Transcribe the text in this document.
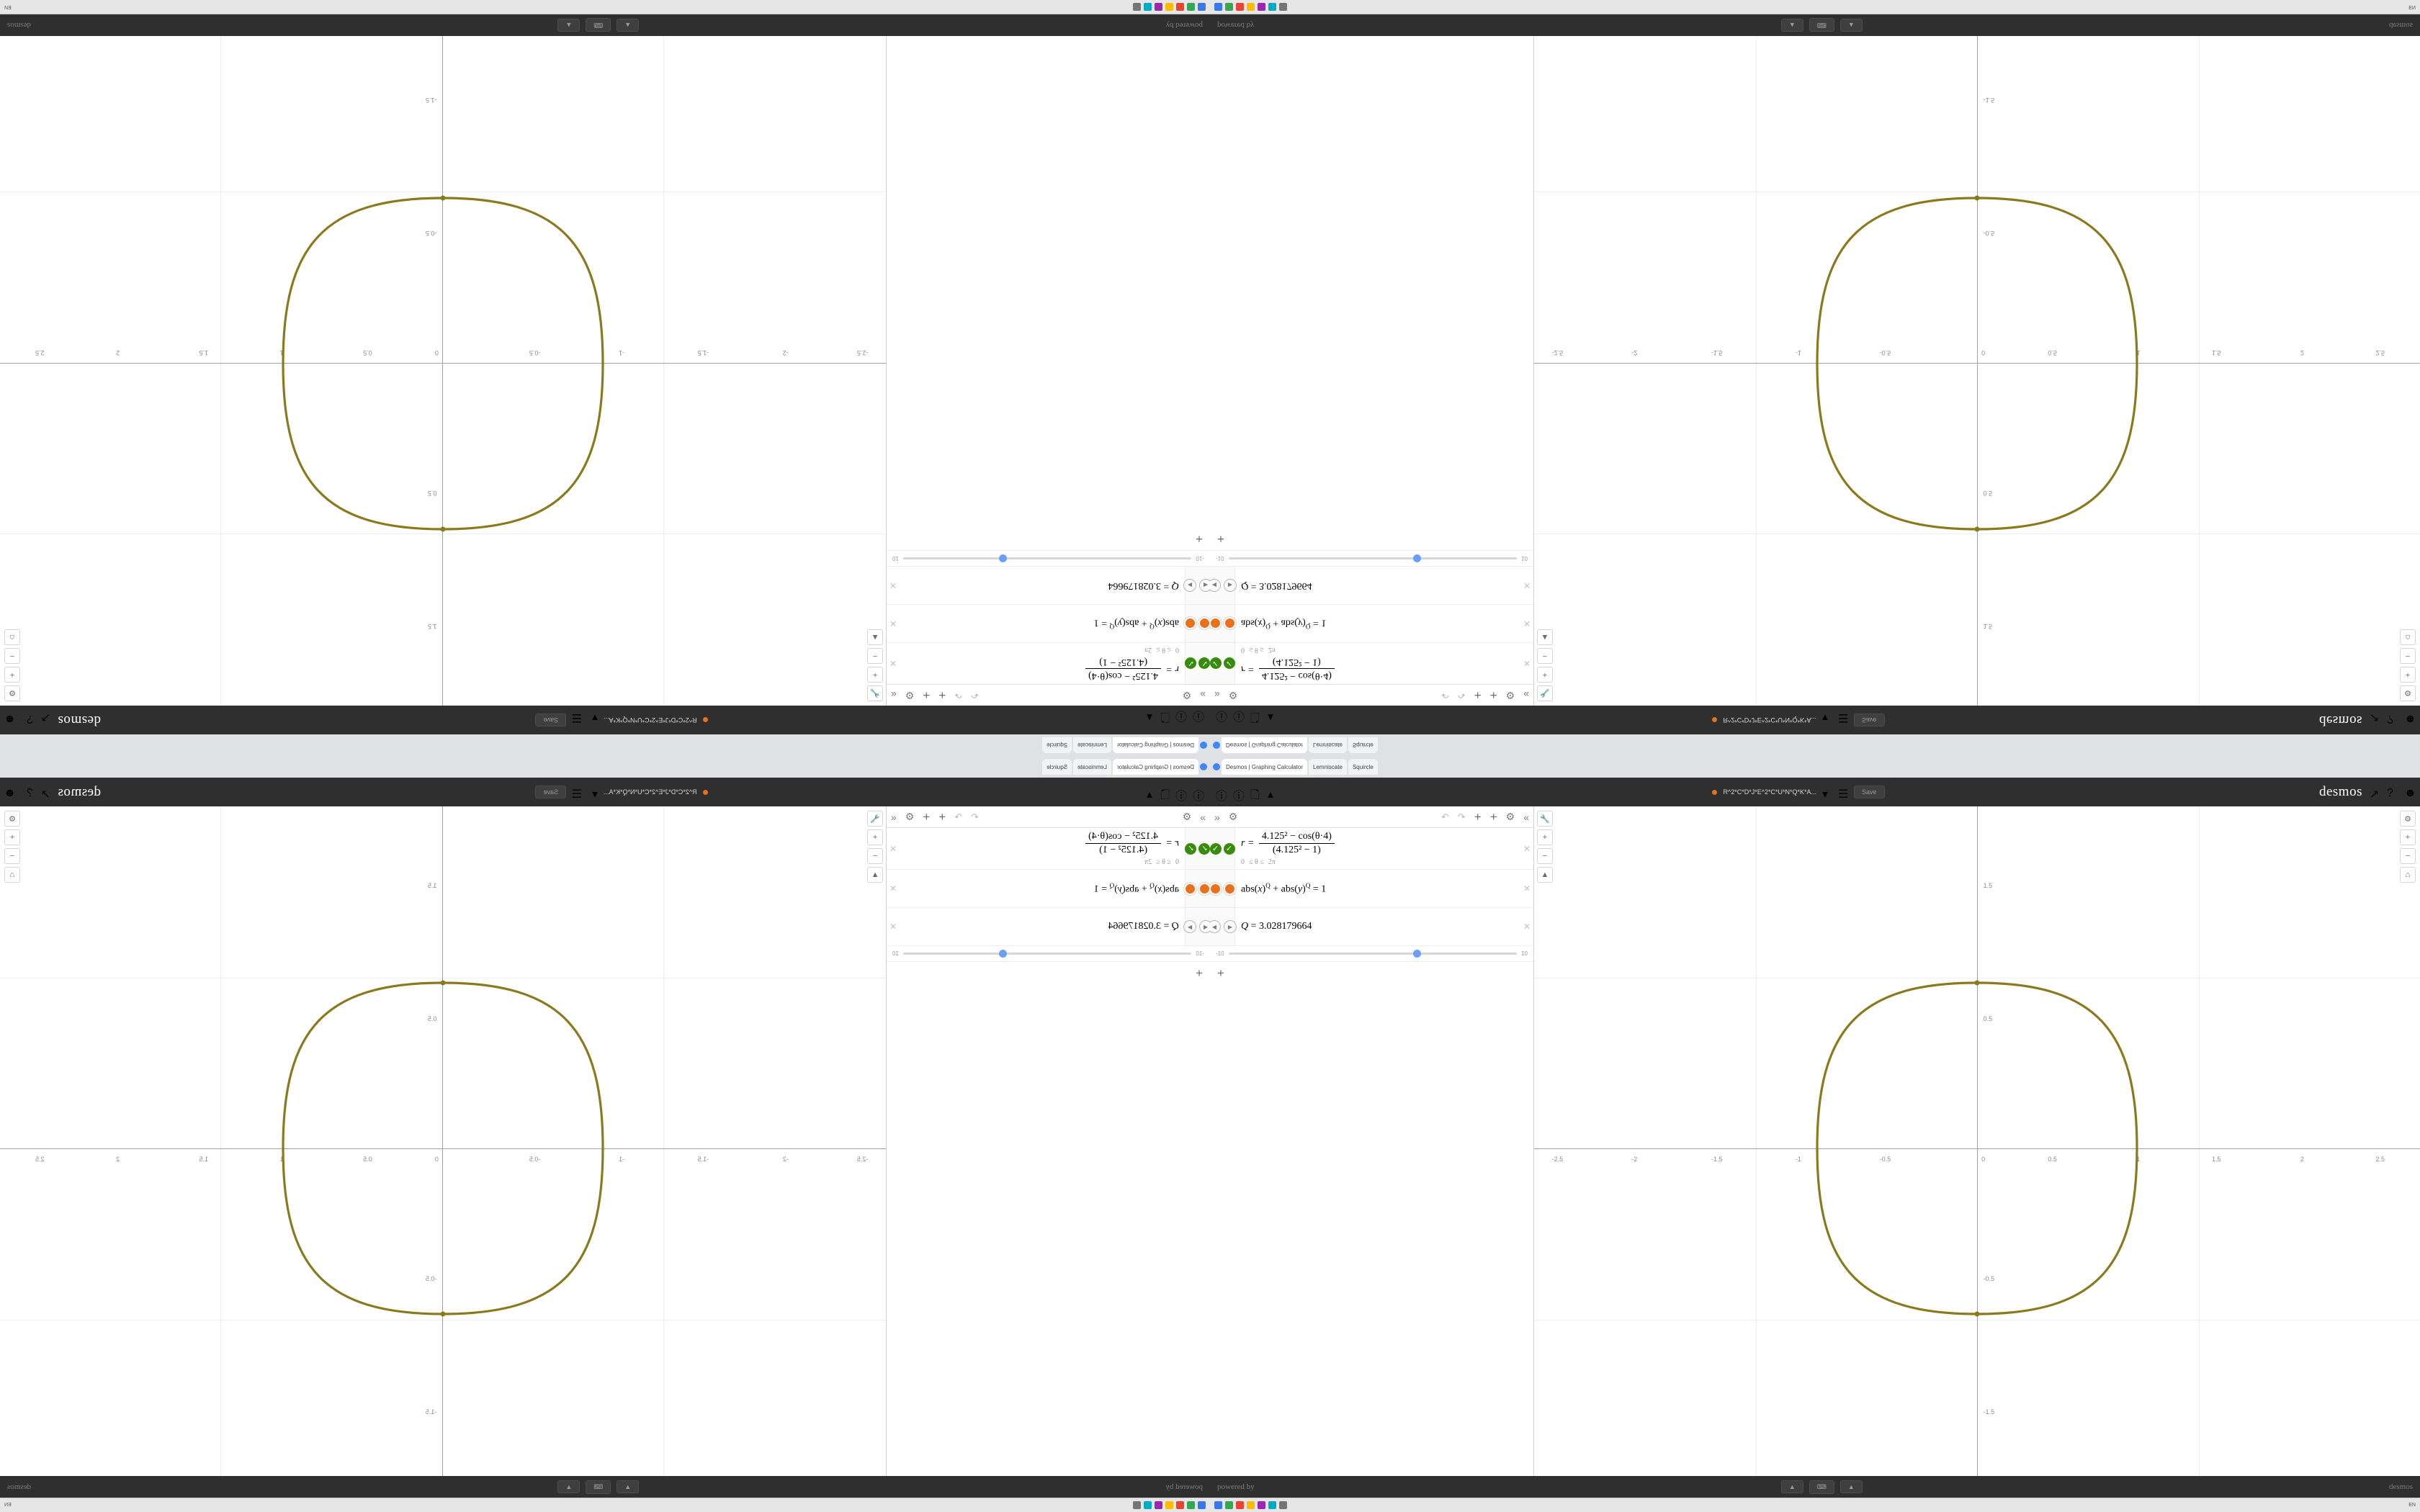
Desmos | Graphing Calculator
Lemniscate
Squircle
ⓘ
ⓘ
🗋
▴
R^2*C*D*J*E^2*C*U*N*Q*K*A...
▾
☰
Save
desmos
↗
?
☻
»
⚙
↶
↷
+
+
⚙
«
✓
✓
r =
4.125² − cos(θ·4)
(4.125² − 1)
0
≤ θ ≤
2π
✕
$abs(x)^Q + abs(y)^Q = 1$
✕
◀
▶
Q = 3.028179664
✕
-10
10
+
-2.5
-2
-1.5
-1
-0.5
0
0.5
1
1.5
2
2.5
1.5
0.5
-0.5
-1.5
⚙
+
−
⌂
🔧
+
−
▲
powered by
▲
⌨
▲
desmos
EN
Desmos | Graphing Calculator Lemniscate Squircle
ⓘ ⓘ 🗋 ▴	R^2*C*D*J*E^2*C*U*N*Q*K*A... ▾ ☰	Save	desmos ↗ ? ☻
» ⚙	↶ ↷ + + ⚙ «
✓ ✓
r =
4.125² − cos(θ·4)
(4.125² − 1)
0 ≤ θ ≤ 2π
✕
$abs(x)^Q + abs(y)^Q = 1$	✕
◀	▶ Q = 3.028179664	✕
-10	10
+
-2.5	-2	-1.5	-1	-0.5	0	0.5	1	1.5	2	2.5
1.5
0.5
-0.5
-1.5
⚙
+
−
⌂
🔧
+
−
▲
powered by	▲	⌨	▲	desmos
EN
Desmos | Graphing Calculator
Lemniscate
Squircle
ⓘ
ⓘ
🗋
▴
R^2*C*D*J*E^2*C*U*N*Q*K*A...
▾
☰
Save
desmos
↗
?
☻
»
⚙
↶
↷
+
+
⚙
«
✓
✓
r =
$\frac{\text{4.125² − cos(θ·4)}}{\text{(4.125² − 1)}}$
0
≤ θ ≤
2π
✕
$abs(x)^Q + abs(y)^Q = 1$
✕
◀
▶
Q = 3.028179664
✕
-10
10
+
-2.5
-2
-1.5
-1
-0.5
0
0.5
1
1.5
2
2.5
1.5
0.5
-0.5
-1.5
⚙
+
−
⌂
🔧
+
−
▲
powered by
▲
⌨
▲
desmos
EN
Desmos | Graphing Calculator Lemniscate Squircle
ⓘ ⓘ 🗋 ▴	R^2*C*D*J*E^2*C*U*N*Q*K*A... ▾ ☰	Save	desmos ↗ ? ☻
» ⚙	↶ ↷ + + ⚙ «
✓ ✓
$r = \frac{\text{4.125² − cos(θ·4)}}{\text{(4.125² − 1)}}$
0 ≤ θ ≤ 2π
✕
$abs(x)^Q + abs(y)^Q = 1$	✕
◀	▶ Q = 3.028179664	✕
-10	10
+
-2.5	-2	-1.5	-1	-0.5	0	0.5	1	1.5	2	2.5
1.5
0.5
-0.5
-1.5
⚙
+
−
⌂
🔧
+
−
▲
powered by	▲	⌨	▲	desmos
EN
